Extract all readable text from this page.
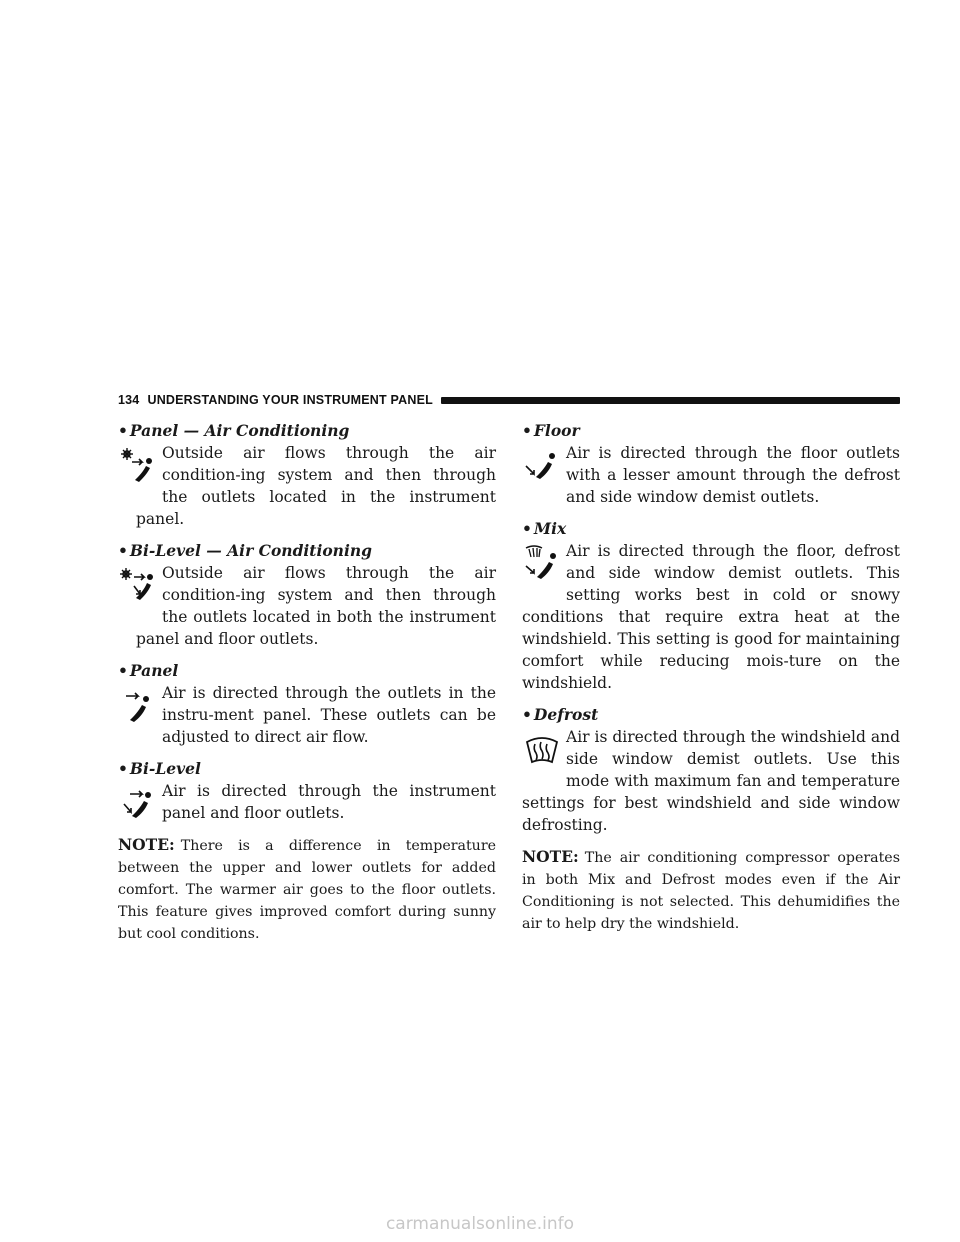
134 UNDERSTANDING YOUR INSTRUMENT PANEL
• Panel — Air Conditioning
Outside air flows through the air condition-ing system and then through the outlets located in the instrument panel.
• Bi-Level — Air Conditioning
Outside air flows through the air condition-ing system and then through the outlets located in both the instrument panel and floor outlets.
• Panel
Air is directed through the outlets in the instru-ment panel. These outlets can be adjusted to direct air flow.
• Bi-Level
Air is directed through the instrument panel and floor outlets.
NOTE: There is a difference in temperature between the upper and lower outlets for added comfort. The warmer air goes to the floor outlets. This feature gives improved comfort during sunny but cool conditions.
• Floor
Air is directed through the floor outlets with a lesser amount through the defrost and side window demist outlets.
• Mix
Air is directed through the floor, defrost and side window demist outlets. This setting works best in cold or snowy conditions that require extra heat at the windshield. This setting is good for maintaining comfort while reducing mois-ture on the windshield.
• Defrost
Air is directed through the windshield and side window demist outlets. Use this mode with maximum fan and temperature settings for best windshield and side window defrosting.
NOTE: The air conditioning compressor operates in both Mix and Defrost modes even if the Air Conditioning is not selected. This dehumidifies the air to help dry the windshield.
carmanualsonline.info
